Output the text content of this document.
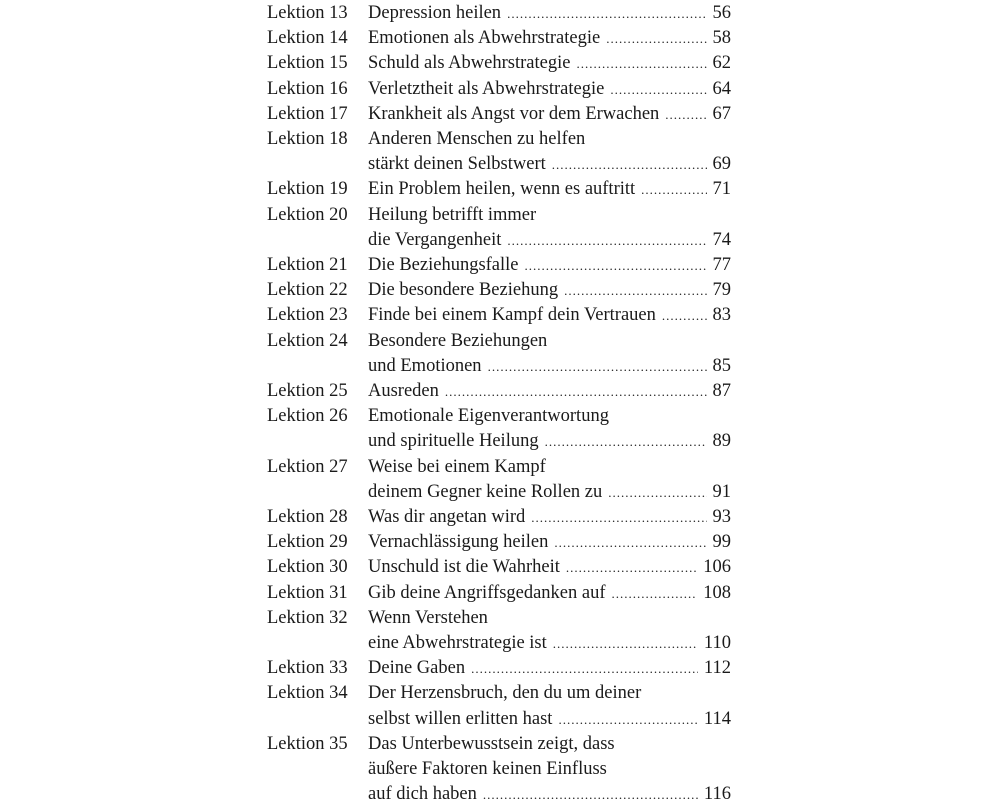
Lektion 13	Depression heilen .....	56
Lektion 14	Emotionen als Abwehrstrategie .....	58
Lektion 15	Schuld als Abwehrstrategie .....	62
Lektion 16	Verletztheit als Abwehrstrategie .....	64
Lektion 17	Krankheit als Angst vor dem Erwachen .....	67
Lektion 18	Anderen Menschen zu helfen
stärkt deinen Selbstwert .....	69
Lektion 19	Ein Problem heilen, wenn es auftritt .....	71
Lektion 20	Heilung betrifft immer
die Vergangenheit .....	74
Lektion 21	Die Beziehungsfalle .....	77
Lektion 22	Die besondere Beziehung .....	79
Lektion 23	Finde bei einem Kampf dein Vertrauen .....	83
Lektion 24	Besondere Beziehungen
und Emotionen .....	85
Lektion 25	Ausreden .....	87
Lektion 26	Emotionale Eigenverantwortung
und spirituelle Heilung .....	89
Lektion 27	Weise bei einem Kampf
deinem Gegner keine Rollen zu .....	91
Lektion 28	Was dir angetan wird .....	93
Lektion 29	Vernachlässigung heilen .....	99
Lektion 30	Unschuld ist die Wahrheit .....	106
Lektion 31	Gib deine Angriffsgedanken auf .....	108
Lektion 32	Wenn Verstehen
eine Abwehrstrategie ist .....	110
Lektion 33	Deine Gaben .....	112
Lektion 34	Der Herzensbruch, den du um deiner
selbst willen erlitten hast .....	114
Lektion 35	Das Unterbewusstsein zeigt, dass
äußere Faktoren keinen Einfluss
auf dich haben .....	116
